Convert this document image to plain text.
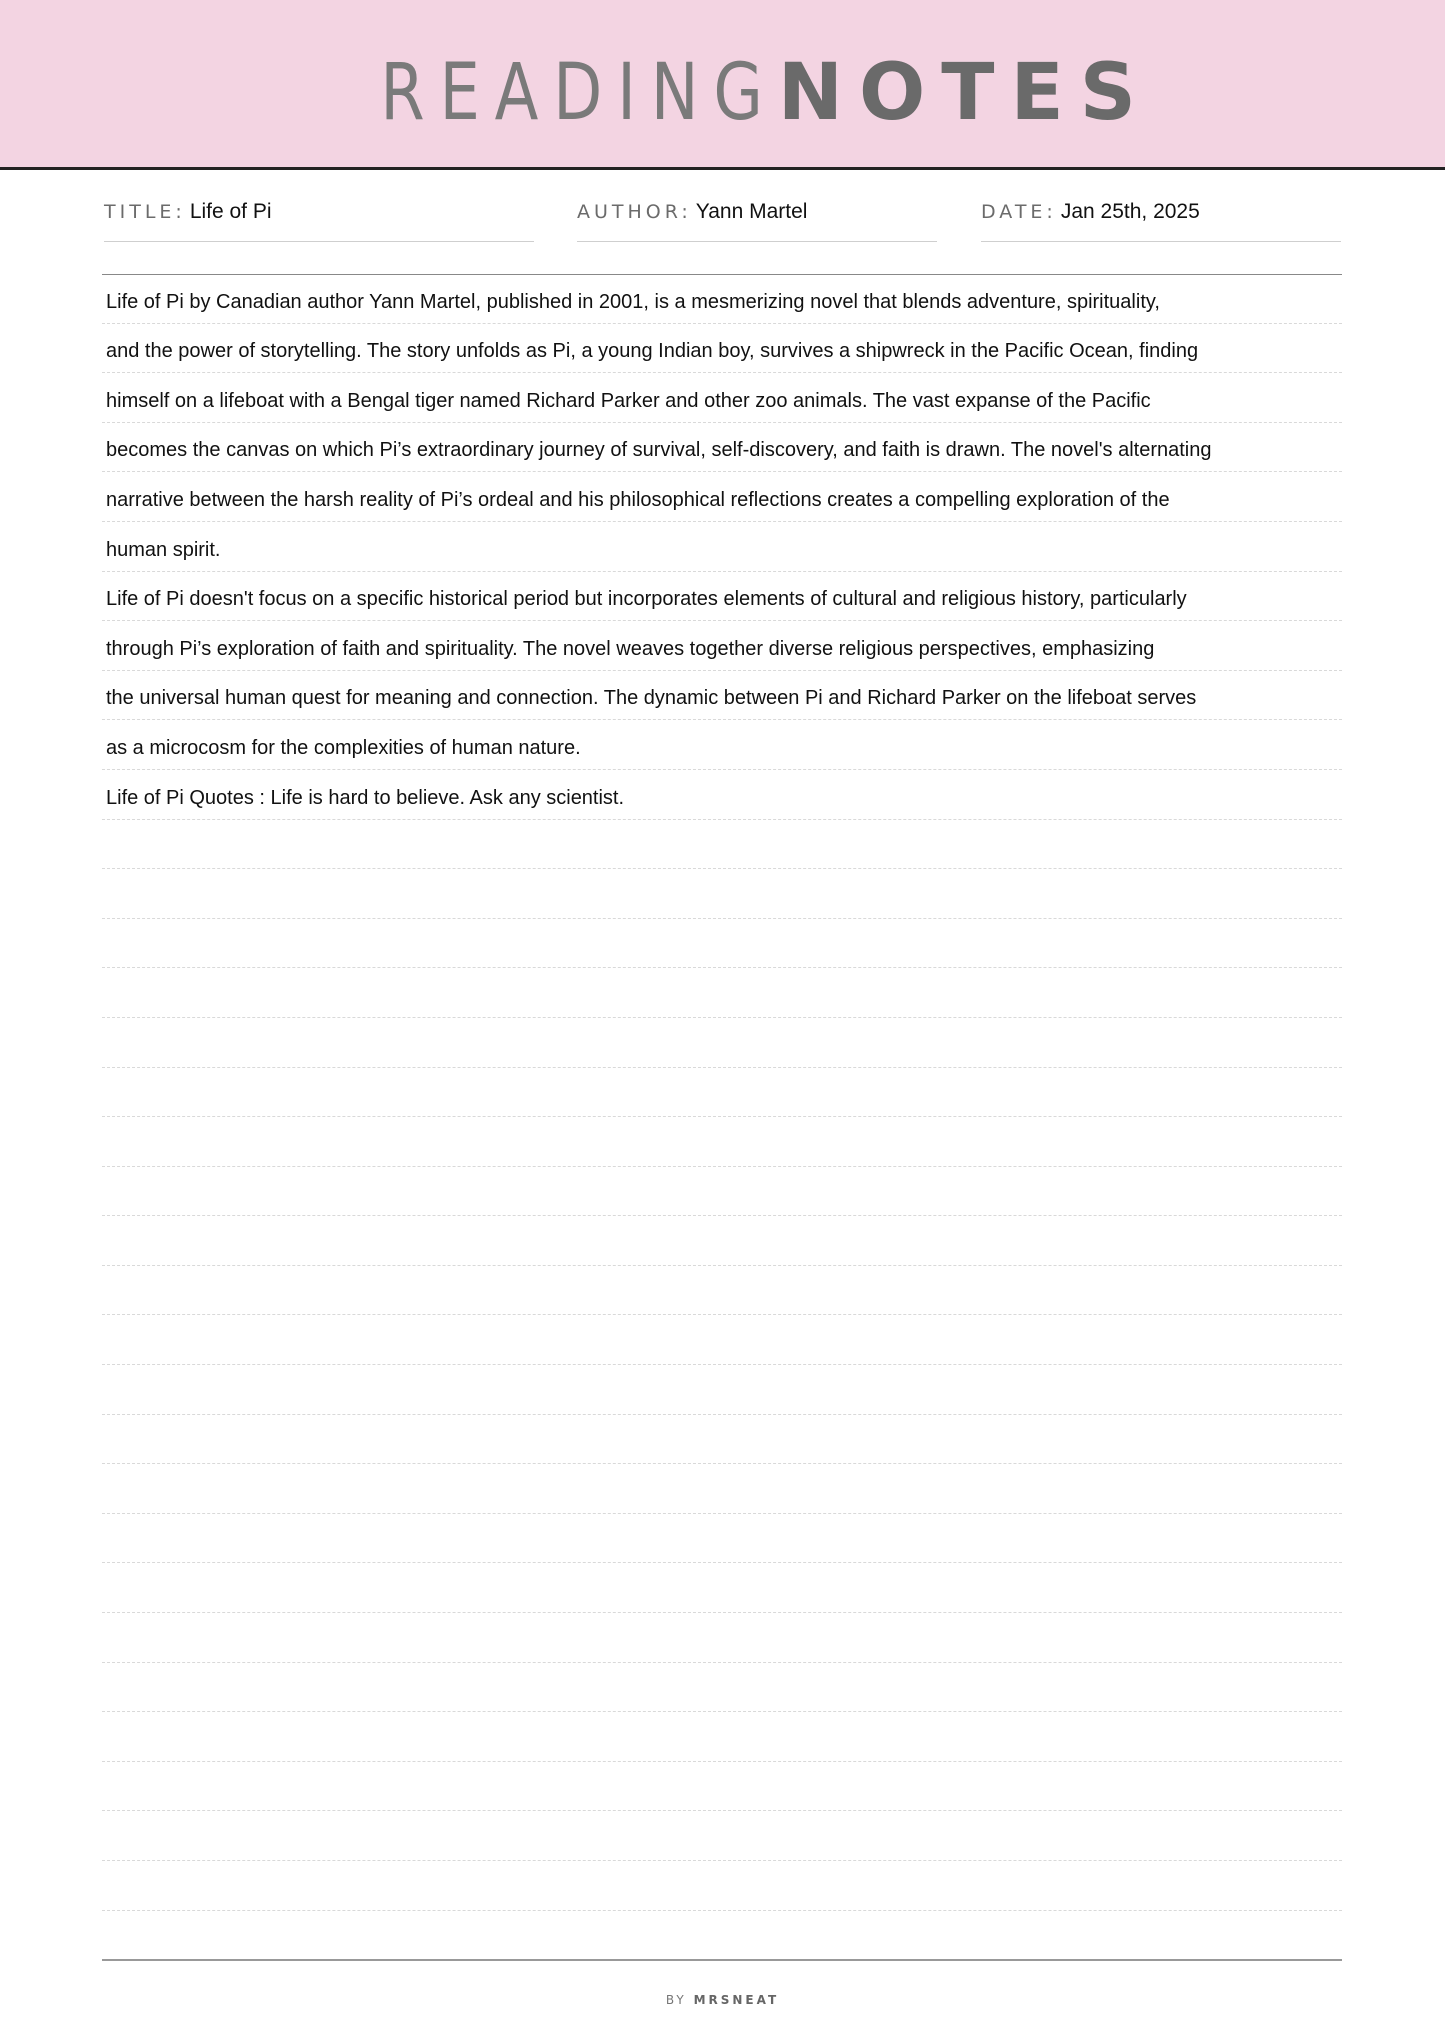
READINGNOTES
TITLE: Life of Pi	AUTHOR: Yann Martel	DATE: Jan 25th, 2025
Life of Pi by Canadian author Yann Martel, published in 2001, is a mesmerizing novel that blends adventure, spirituality,
and the power of storytelling. The story unfolds as Pi, a young Indian boy, survives a shipwreck in the Pacific Ocean, finding
himself on a lifeboat with a Bengal tiger named Richard Parker and other zoo animals. The vast expanse of the Pacific
becomes the canvas on which Pi’s extraordinary journey of survival, self-discovery, and faith is drawn. The novel's alternating
narrative between the harsh reality of Pi’s ordeal and his philosophical reflections creates a compelling exploration of the
human spirit.
Life of Pi doesn't focus on a specific historical period but incorporates elements of cultural and religious history, particularly
through Pi’s exploration of faith and spirituality. The novel weaves together diverse religious perspectives, emphasizing
the universal human quest for meaning and connection. The dynamic between Pi and Richard Parker on the lifeboat serves
as a microcosm for the complexities of human nature.
Life of Pi Quotes : Life is hard to believe. Ask any scientist.
BY MRSNEAT
